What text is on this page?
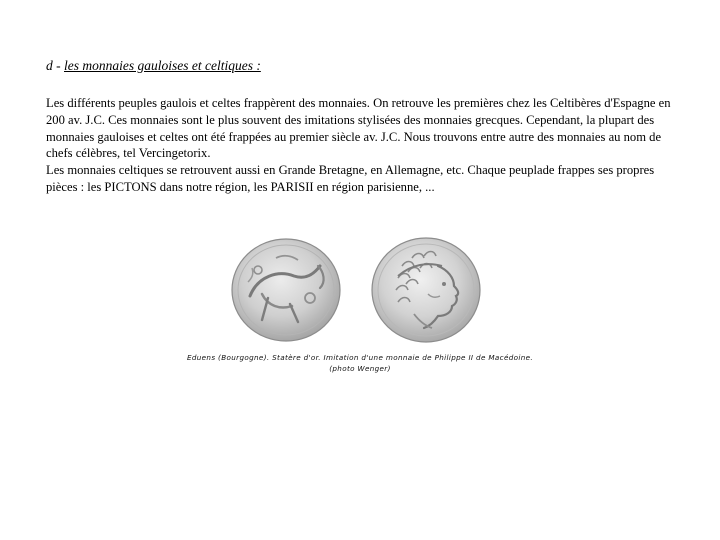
d - les monnaies gauloises et celtiques :

Les différents peuples gaulois et celtes frappèrent des monnaies. On retrouve les premières chez les Celtibères d'Espagne en 200 av. J.C. Ces monnaies sont le plus souvent des imitations stylisées des monnaies grecques. Cependant, la plupart des monnaies gauloises et celtes ont été frappées au premier siècle av. J.C. Nous trouvons entre autre des monnaies au nom de chefs célèbres, tel Vercingetorix.

Les monnaies celtiques se retrouvent aussi en Grande Bretagne, en Allemagne, etc. Chaque peuplade frappes ses propres pièces : les PICTONS dans notre région, les PARISII en région parisienne, ...

Eduens (Bourgogne). Statère d'or. Imitation d'une monnaie de Philippe II de Macédoine.
(photo Wenger)
